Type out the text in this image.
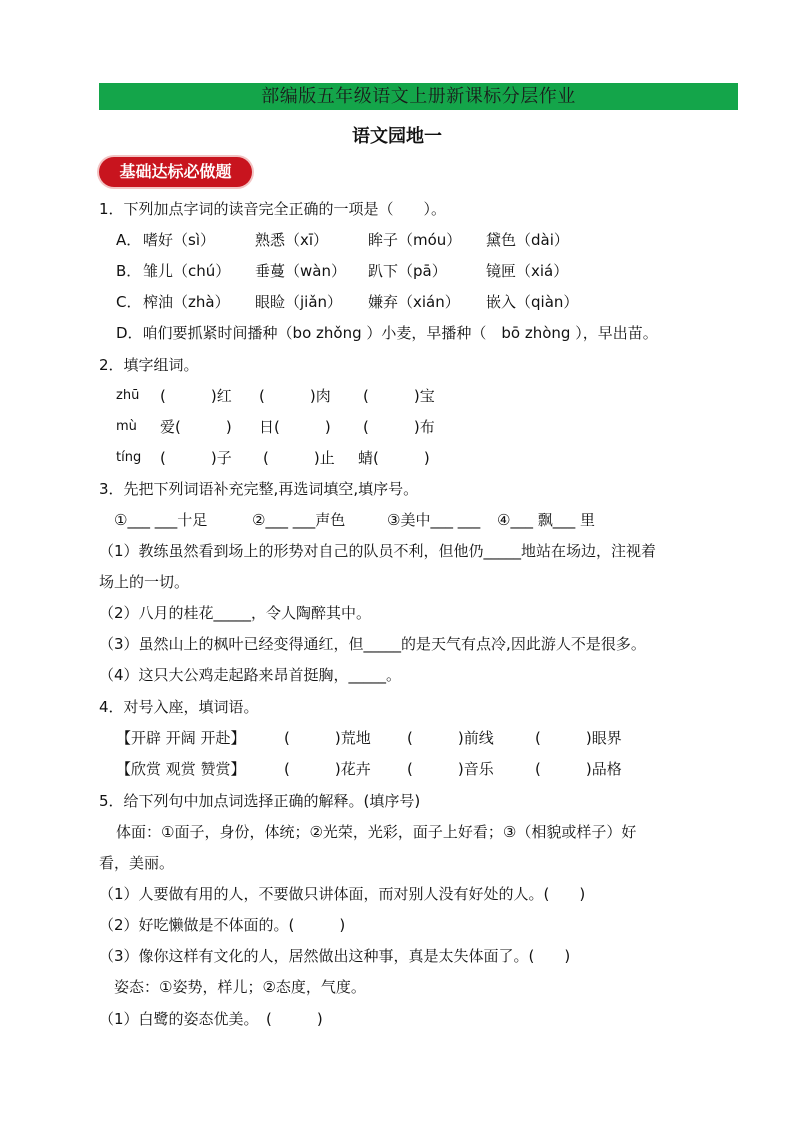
部编版五年级语文上册新课标分层作业
语文园地一
基础达标必做题
1．下列加点字词的读音完全正确的一项是（　　）。
A． 嗜好（sì）	熟悉（xī）	眸子（móu） 黛色（dài）
B． 雏儿（chú） 垂蔓（wàn） 趴下（pā）	镜匣（xiá）
C． 榨油（zhà） 眼睑（jiǎn） 嫌弃（xián） 嵌入（qiàn）
D．咱们要抓紧时间播种（bo zhǒng ）小麦，早播种（　bō zhòng ），早出苗。
2．填字组词。
zhū (　　　)红 (　　　)肉 (　　　)宝
mù 爱(　　　) 日(　　　) (　　　)布
tíng (　　　)子 (　　　)止 蜻(　　　)
3．先把下列词语补充完整,再选词填空,填序号。
①___ ___十足	②___ ___声色	③美中___ ___ ④___ 飘___ 里
（1）教练虽然看到场上的形势对自己的队员不利，但他仍_____地站在场边，注视着
场上的一切。
（2）八月的桂花_____，令人陶醉其中。
（3）虽然山上的枫叶已经变得通红，但_____的是天气有点冷,因此游人不是很多。
（4）这只大公鸡走起路来昂首挺胸，_____。
4．对号入座，填词语。
【开辟 开阔 开赴】	(　　　)荒地 (　　　)前线	(　　　)眼界
【欣赏 观赏 赞赏】	(　　　)花卉 (　　　)音乐	(　　　)品格
5．给下列句中加点词选择正确的解释。(填序号)
体面：①面子，身份，体统；②光荣，光彩，面子上好看；③（相貌或样子）好
看，美丽。
（1）人要做有用的人，不要做只讲体面，而对别人没有好处的人。(　　)
（2）好吃懒做是不体面的。(　　　)
（3）像你这样有文化的人，居然做出这种事，真是太失体面了。(　　)
姿态：①姿势，样儿；②态度，气度。
（1）白鹭的姿态优美。　(　　　)
